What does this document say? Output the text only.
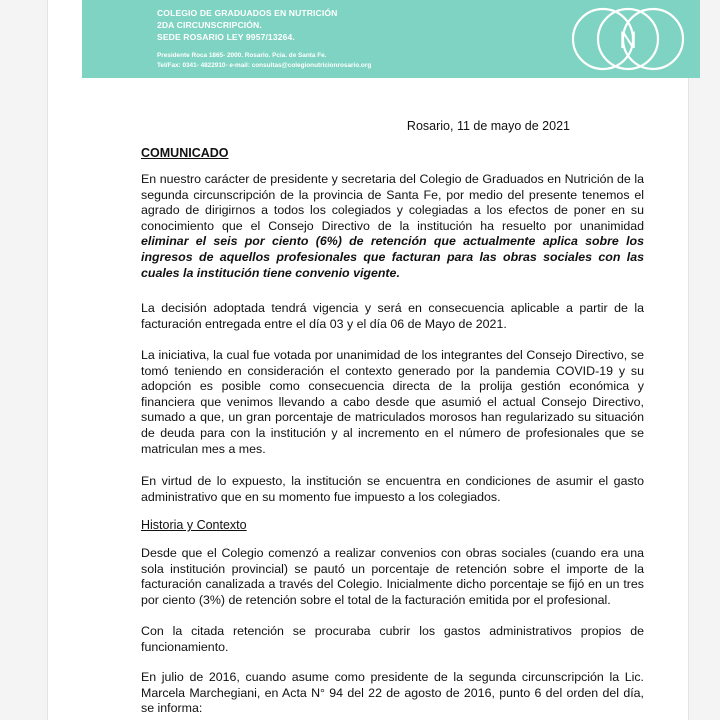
COLEGIO DE GRADUADOS EN NUTRICIÓN
2DA CIRCUNSCRIPCIÓN.
SEDE ROSARIO LEY 9957/13264.
Presidente Roca 1865- 2000. Rosario. Pcia. de Santa Fe.
Tel/Fax: 0341- 4822910- e-mail: consultas@colegionutricionrosario.org
N
Rosario, 11 de mayo de 2021
COMUNICADO

En nuestro carácter de presidente y secretaria del Colegio de Graduados en Nutrición de la segunda circunscripción de la provincia de Santa Fe, por medio del presente tenemos el agrado de dirigirnos a todos los colegiados y colegiadas a los efectos de poner en su conocimiento que el Consejo Directivo de la institución ha resuelto por unanimidad eliminar el seis por ciento (6%) de retención que actualmente aplica sobre los ingresos de aquellos profesionales que facturan para las obras sociales con las cuales la institución tiene convenio vigente.

La decisión adoptada tendrá vigencia y será en consecuencia aplicable a partir de la facturación entregada entre el día 03 y el día 06 de Mayo de 2021.

La iniciativa, la cual fue votada por unanimidad de los integrantes del Consejo Directivo, se tomó teniendo en consideración el contexto generado por la pandemia COVID-19 y su adopción es posible como consecuencia directa de la prolija gestión económica y financiera que venimos llevando a cabo desde que asumió el actual Consejo Directivo, sumado a que, un gran porcentaje de matriculados morosos han regularizado su situación de deuda para con la institución y al incremento en el número de profesionales que se matriculan mes a mes.

En virtud de lo expuesto, la institución se encuentra en condiciones de asumir el gasto administrativo que en su momento fue impuesto a los colegiados.

Historia y Contexto

Desde que el Colegio comenzó a realizar convenios con obras sociales (cuando era una sola institución provincial) se pautó un porcentaje de retención sobre el importe de la facturación canalizada a través del Colegio. Inicialmente dicho porcentaje se fijó en un tres por ciento (3%) de retención sobre el total de la facturación emitida por el profesional.

Con la citada retención se procuraba cubrir los gastos administrativos propios de funcionamiento.

En julio de 2016, cuando asume como presidente de la segunda circunscripción la Lic. Marcela Marchegiani, en Acta N° 94 del 22 de agosto de 2016, punto 6 del orden del día, se informa:
